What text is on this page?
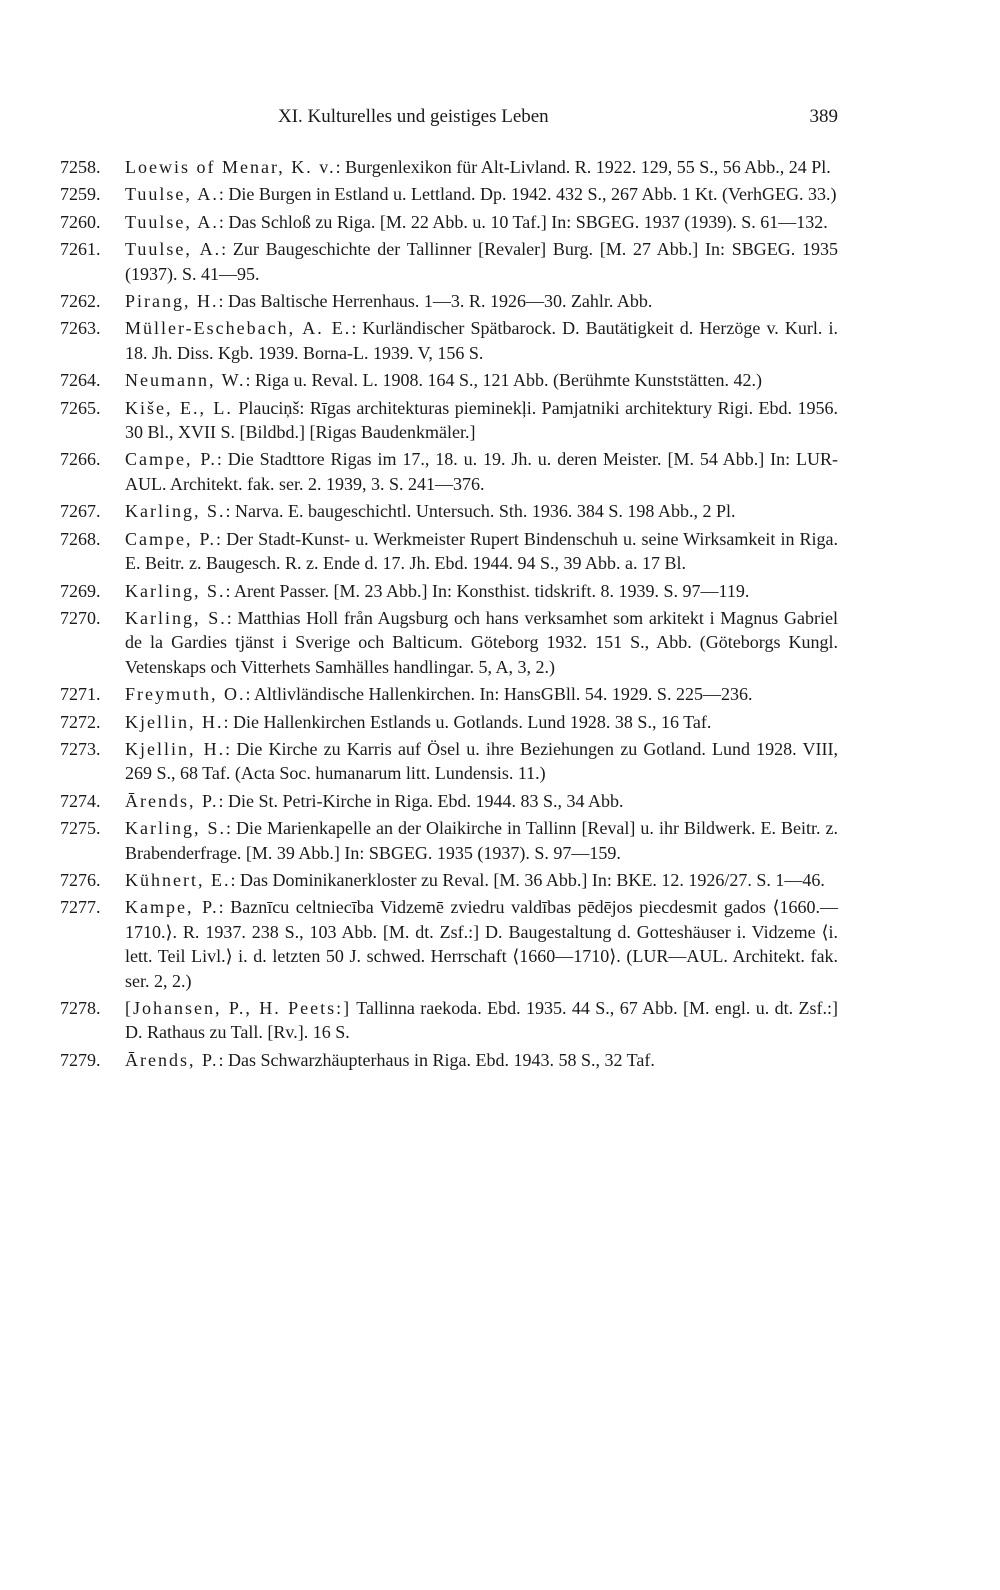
XI. Kulturelles und geistiges Leben	389
7258.	Loewis of Menar, K. v.: Burgenlexikon für Alt-Livland. R. 1922. 129, 55 S., 56 Abb., 24 Pl.
7259.	Tuulse, A.: Die Burgen in Estland u. Lettland. Dp. 1942. 432 S., 267 Abb. 1 Kt. (VerhGEG. 33.)
7260.	Tuulse, A.: Das Schloß zu Riga. [M. 22 Abb. u. 10 Taf.] In: SBGEG. 1937 (1939). S. 61—132.
7261.	Tuulse, A.: Zur Baugeschichte der Tallinner [Revaler] Burg. [M. 27 Abb.] In: SBGEG. 1935 (1937). S. 41—95.
7262.	Pirang, H.: Das Baltische Herrenhaus. 1—3. R. 1926—30. Zahlr. Abb.
7263.	Müller-Eschebach, A. E.: Kurländischer Spätbarock. D. Bautätigkeit d. Herzöge v. Kurl. i. 18. Jh. Diss. Kgb. 1939. Borna-L. 1939. V, 156 S.
7264.	Neumann, W.: Riga u. Reval. L. 1908. 164 S., 121 Abb. (Berühmte Kunststätten. 42.)
7265.	Kiše, E., L. Plauciņš: Rīgas architekturas pieminekļi. Pamjatniki architektury Rigi. Ebd. 1956. 30 Bl., XVII S. [Bildbd.] [Rigas Baudenkmäler.]
7266.	Campe, P.: Die Stadttore Rigas im 17., 18. u. 19. Jh. u. deren Meister. [M. 54 Abb.] In: LUR-AUL. Architekt. fak. ser. 2. 1939, 3. S. 241—376.
7267.	Karling, S.: Narva. E. baugeschichtl. Untersuch. Sth. 1936. 384 S. 198 Abb., 2 Pl.
7268.	Campe, P.: Der Stadt-Kunst- u. Werkmeister Rupert Bindenschuh u. seine Wirksamkeit in Riga. E. Beitr. z. Baugesch. R. z. Ende d. 17. Jh. Ebd. 1944. 94 S., 39 Abb. a. 17 Bl.
7269.	Karling, S.: Arent Passer. [M. 23 Abb.] In: Konsthist. tidskrift. 8. 1939. S. 97—119.
7270.	Karling, S.: Matthias Holl från Augsburg och hans verksamhet som arkitekt i Magnus Gabriel de la Gardies tjänst i Sverige och Balticum. Göteborg 1932. 151 S., Abb. (Göteborgs Kungl. Vetenskaps och Vitterhets Samhälles handlingar. 5, A, 3, 2.)
7271.	Freymuth, O.: Altlivländische Hallenkirchen. In: HansGBll. 54. 1929. S. 225—236.
7272.	Kjellin, H.: Die Hallenkirchen Estlands u. Gotlands. Lund 1928. 38 S., 16 Taf.
7273.	Kjellin, H.: Die Kirche zu Karris auf Ösel u. ihre Beziehungen zu Gotland. Lund 1928. VIII, 269 S., 68 Taf. (Acta Soc. humanarum litt. Lundensis. 11.)
7274.	Ārends, P.: Die St. Petri-Kirche in Riga. Ebd. 1944. 83 S., 34 Abb.
7275.	Karling, S.: Die Marienkapelle an der Olaikirche in Tallinn [Reval] u. ihr Bildwerk. E. Beitr. z. Brabenderfrage. [M. 39 Abb.] In: SBGEG. 1935 (1937). S. 97—159.
7276.	Kühnert, E.: Das Dominikanerkloster zu Reval. [M. 36 Abb.] In: BKE. 12. 1926/27. S. 1—46.
7277.	Kampe, P.: Baznīcu celtniecība Vidzemē zviedru valdības pēdējos piecdesmit gados ⟨1660.—1710.⟩. R. 1937. 238 S., 103 Abb. [M. dt. Zsf.:] D. Baugestaltung d. Gotteshäuser i. Vidzeme ⟨i. lett. Teil Livl.⟩ i. d. letzten 50 J. schwed. Herrschaft ⟨1660—1710⟩. (LUR—AUL. Architekt. fak. ser. 2, 2.)
7278.	[Johansen, P., H. Peets:] Tallinna raekoda. Ebd. 1935. 44 S., 67 Abb. [M. engl. u. dt. Zsf.:] D. Rathaus zu Tall. [Rv.]. 16 S.
7279.	Ārends, P.: Das Schwarzhäupterhaus in Riga. Ebd. 1943. 58 S., 32 Taf.
